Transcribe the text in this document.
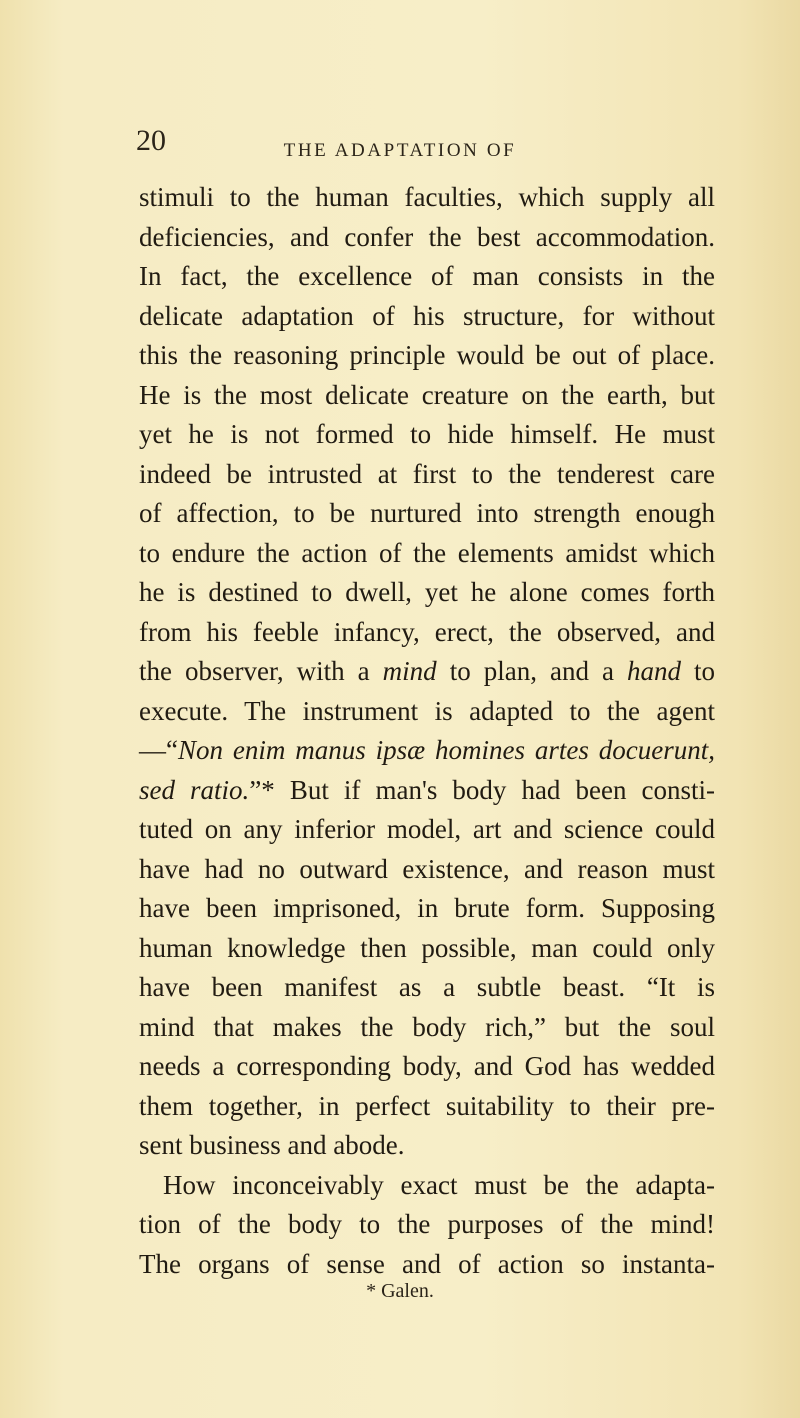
20	THE ADAPTATION OF
stimuli to the human faculties, which supply all
deficiencies, and confer the best accommodation.
In fact, the excellence of man consists in the
delicate adaptation of his structure, for without
this the reasoning principle would be out of place.
He is the most delicate creature on the earth, but
yet he is not formed to hide himself. He must
indeed be intrusted at first to the tenderest care
of affection, to be nurtured into strength enough
to endure the action of the elements amidst which
he is destined to dwell, yet he alone comes forth
from his feeble infancy, erect, the observed, and
the observer, with a mind to plan, and a hand to
execute. The instrument is adapted to the agent
—“Non enim manus ipsæ homines artes docuerunt,
sed ratio.”* But if man's body had been consti-
tuted on any inferior model, art and science could
have had no outward existence, and reason must
have been imprisoned, in brute form. Supposing
human knowledge then possible, man could only
have been manifest as a subtle beast. “It is
mind that makes the body rich,” but the soul
needs a corresponding body, and God has wedded
them together, in perfect suitability to their pre-
sent business and abode.
How inconceivably exact must be the adapta-
tion of the body to the purposes of the mind!
The organs of sense and of action so instanta-
* Galen.
